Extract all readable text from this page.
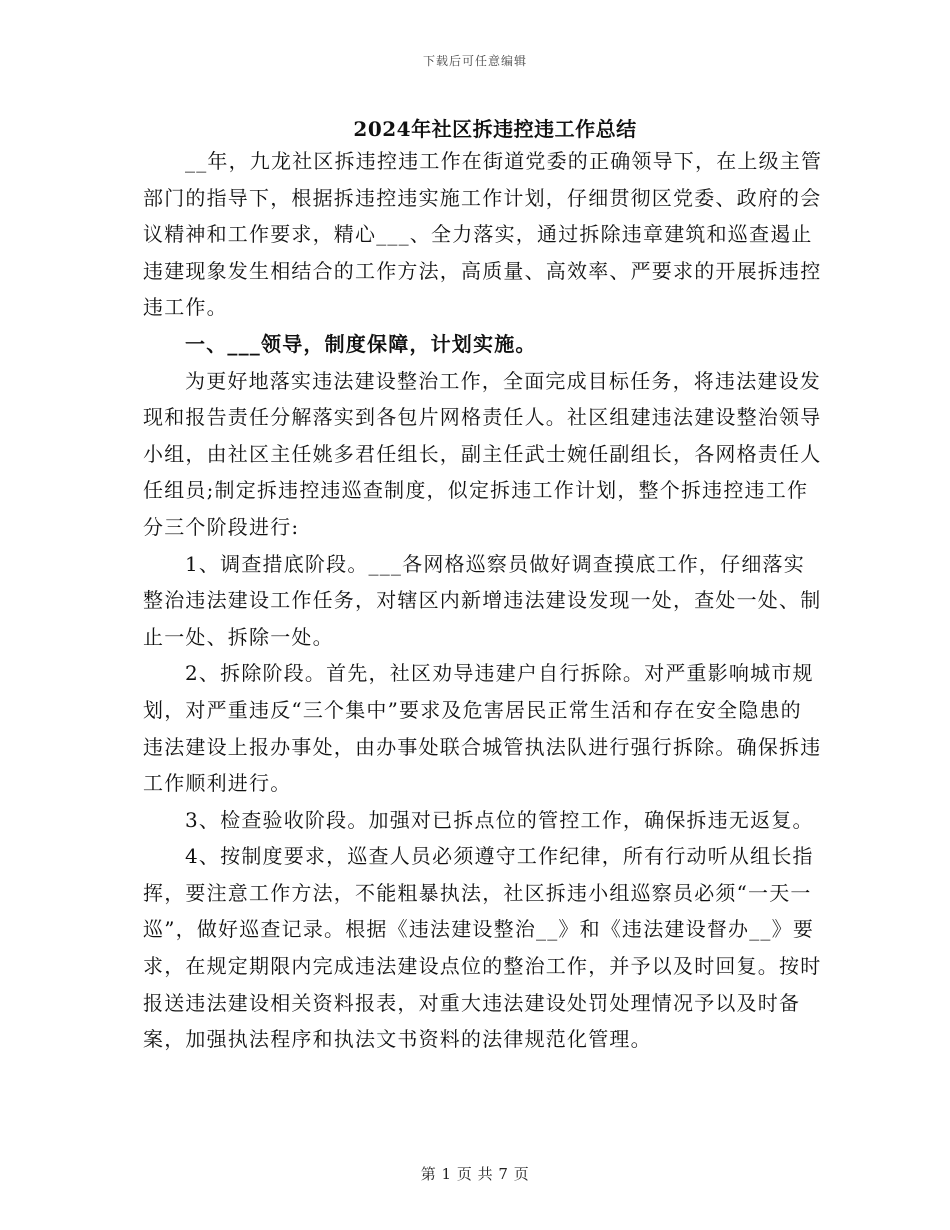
下载后可任意编辑
2024年社区拆违控违工作总结

__年，九龙社区拆违控违工作在街道党委的正确领导下，在上级主管部门的指导下，根据拆违控违实施工作计划，仔细贯彻区党委、政府的会议精神和工作要求，精心___、全力落实，通过拆除违章建筑和巡查遏止违建现象发生相结合的工作方法，高质量、高效率、严要求的开展拆违控违工作。

一、___领导，制度保障，计划实施。

为更好地落实违法建设整治工作，全面完成目标任务，将违法建设发现和报告责任分解落实到各包片网格责任人。社区组建违法建设整治领导小组，由社区主任姚多君任组长，副主任武士婉任副组长，各网格责任人任组员;制定拆违控违巡查制度，似定拆违工作计划，整个拆违控违工作分三个阶段进行:

1、调查措底阶段。___各网格巡察员做好调查摸底工作，仔细落实整治违法建设工作任务，对辖区内新增违法建设发现一处，查处一处、制止一处、拆除一处。

2、拆除阶段。首先，社区劝导违建户自行拆除。对严重影响城市规划，对严重违反“三个集中”要求及危害居民正常生活和存在安全隐患的违法建设上报办事处，由办事处联合城管执法队进行强行拆除。确保拆违工作顺利进行。

3、检查验收阶段。加强对已拆点位的管控工作，确保拆违无返复。

4、按制度要求，巡查人员必须遵守工作纪律，所有行动听从组长指挥，要注意工作方法，不能粗暴执法，社区拆违小组巡察员必须“一天一巡”，做好巡查记录。根据《违法建设整治__》和《违法建设督办__》要求，在规定期限内完成违法建设点位的整治工作，并予以及时回复。按时报送违法建设相关资料报表，对重大违法建设处罚处理情况予以及时备案，加强执法程序和执法文书资料的法律规范化管理。

第 1 页 共 7 页
